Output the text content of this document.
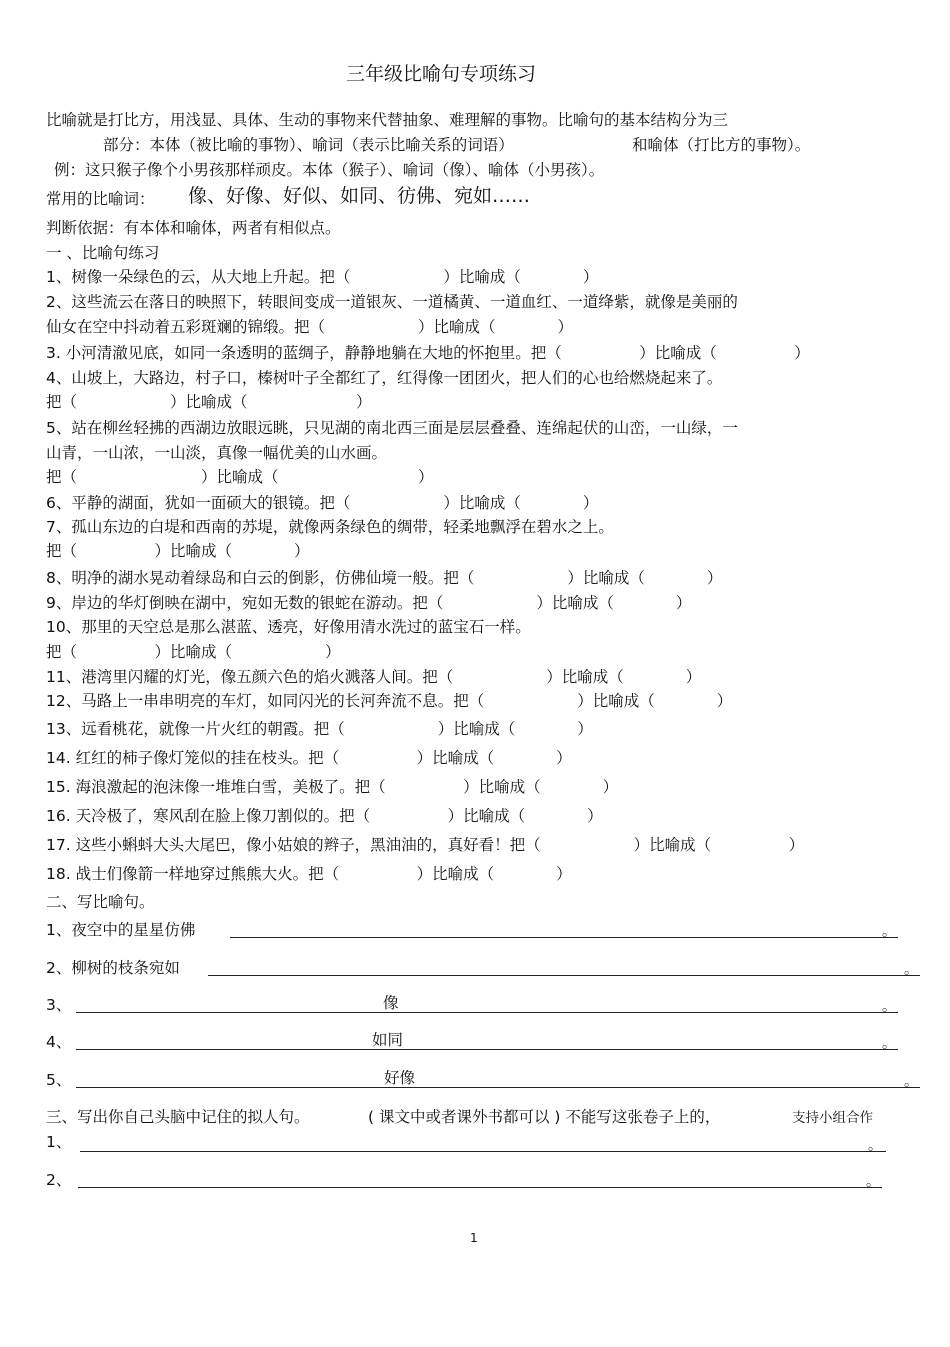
三年级比喻句专项练习
比喻就是打比方，用浅显、具体、生动的事物来代替抽象、难理解的事物。比喻句的基本结构分为三
部分：本体（被比喻的事物）、喻词（表示比喻关系的词语）	和喻体（打比方的事物）。
例：这只猴子像个小男孩那样顽皮。本体（猴子）、喻词（像）、喻体（小男孩）。
常用的比喻词： 像、好像、好似、如同、彷佛、宛如……
判断依据：有本体和喻体，两者有相似点。
一 、比喻句练习
1、树像一朵绿色的云，从大地上升起。把（　　　　　　）比喻成（　　　　）
2、这些流云在落日的映照下，转眼间变成一道银灰、一道橘黄、一道血红、一道绛紫，就像是美丽的
仙女在空中抖动着五彩斑斓的锦缎。把（　　　　　　）比喻成（　　　　）
3. 小河清澈见底，如同一条透明的蓝绸子，静静地躺在大地的怀抱里。把（　　　　　）比喻成（　　　　　）
4、山坡上，大路边，村子口，榛树叶子全都红了，红得像一团团火，把人们的心也给燃烧起来了。
把（　　　　　　）比喻成（　　　　　　　）
5、站在柳丝轻拂的西湖边放眼远眺，只见湖的南北西三面是层层叠叠、连绵起伏的山峦，一山绿，一
山青，一山浓，一山淡，真像一幅优美的山水画。
把（　　　　　　　　）比喻成（　　　　　　　　　）
6、平静的湖面，犹如一面硕大的银镜。把（　　　　　　）比喻成（　　　　）
7、孤山东边的白堤和西南的苏堤，就像两条绿色的绸带，轻柔地飘浮在碧水之上。
把（　　　　　）比喻成（　　　　）
8、明净的湖水晃动着绿岛和白云的倒影，仿佛仙境一般。把（　　　　　　）比喻成（　　　　）
9、岸边的华灯倒映在湖中，宛如无数的银蛇在游动。把（　　　　　　）比喻成（　　　　）
10、那里的天空总是那么湛蓝、透亮，好像用清水洗过的蓝宝石一样。
把（　　　　　）比喻成（　　　　　　）
11、港湾里闪耀的灯光，像五颜六色的焰火溅落人间。把（　　　　　　）比喻成（　　　　）
12、马路上一串串明亮的车灯，如同闪光的长河奔流不息。把（　　　　　　）比喻成（　　　　）
13、远看桃花，就像一片火红的朝霞。把（　　　　　　）比喻成（　　　　）
14. 红红的柿子像灯笼似的挂在枝头。把（　　　　　）比喻成（　　　　）
15. 海浪激起的泡沫像一堆堆白雪，美极了。把（　　　　　）比喻成（　　　　）
16. 天冷极了，寒风刮在脸上像刀割似的。把（　　　　　）比喻成（　　　　）
17. 这些小蝌蚪大头大尾巴，像小姑娘的辫子，黑油油的，真好看！把（　　　　　　）比喻成（　　　　　）
18. 战士们像箭一样地穿过熊熊大火。把（　　　　　）比喻成（　　　　）
二、写比喻句。
1、夜空中的星星仿佛	。
2、柳树的枝条宛如	。
3、	像	。
4、	如同	。
5、	好像	。
三、写出你自己头脑中记住的拟人句。	( 课文中或者课外书都可以 ) 不能写这张卷子上的，	支持小组合作
1、	。
2、	。
1
